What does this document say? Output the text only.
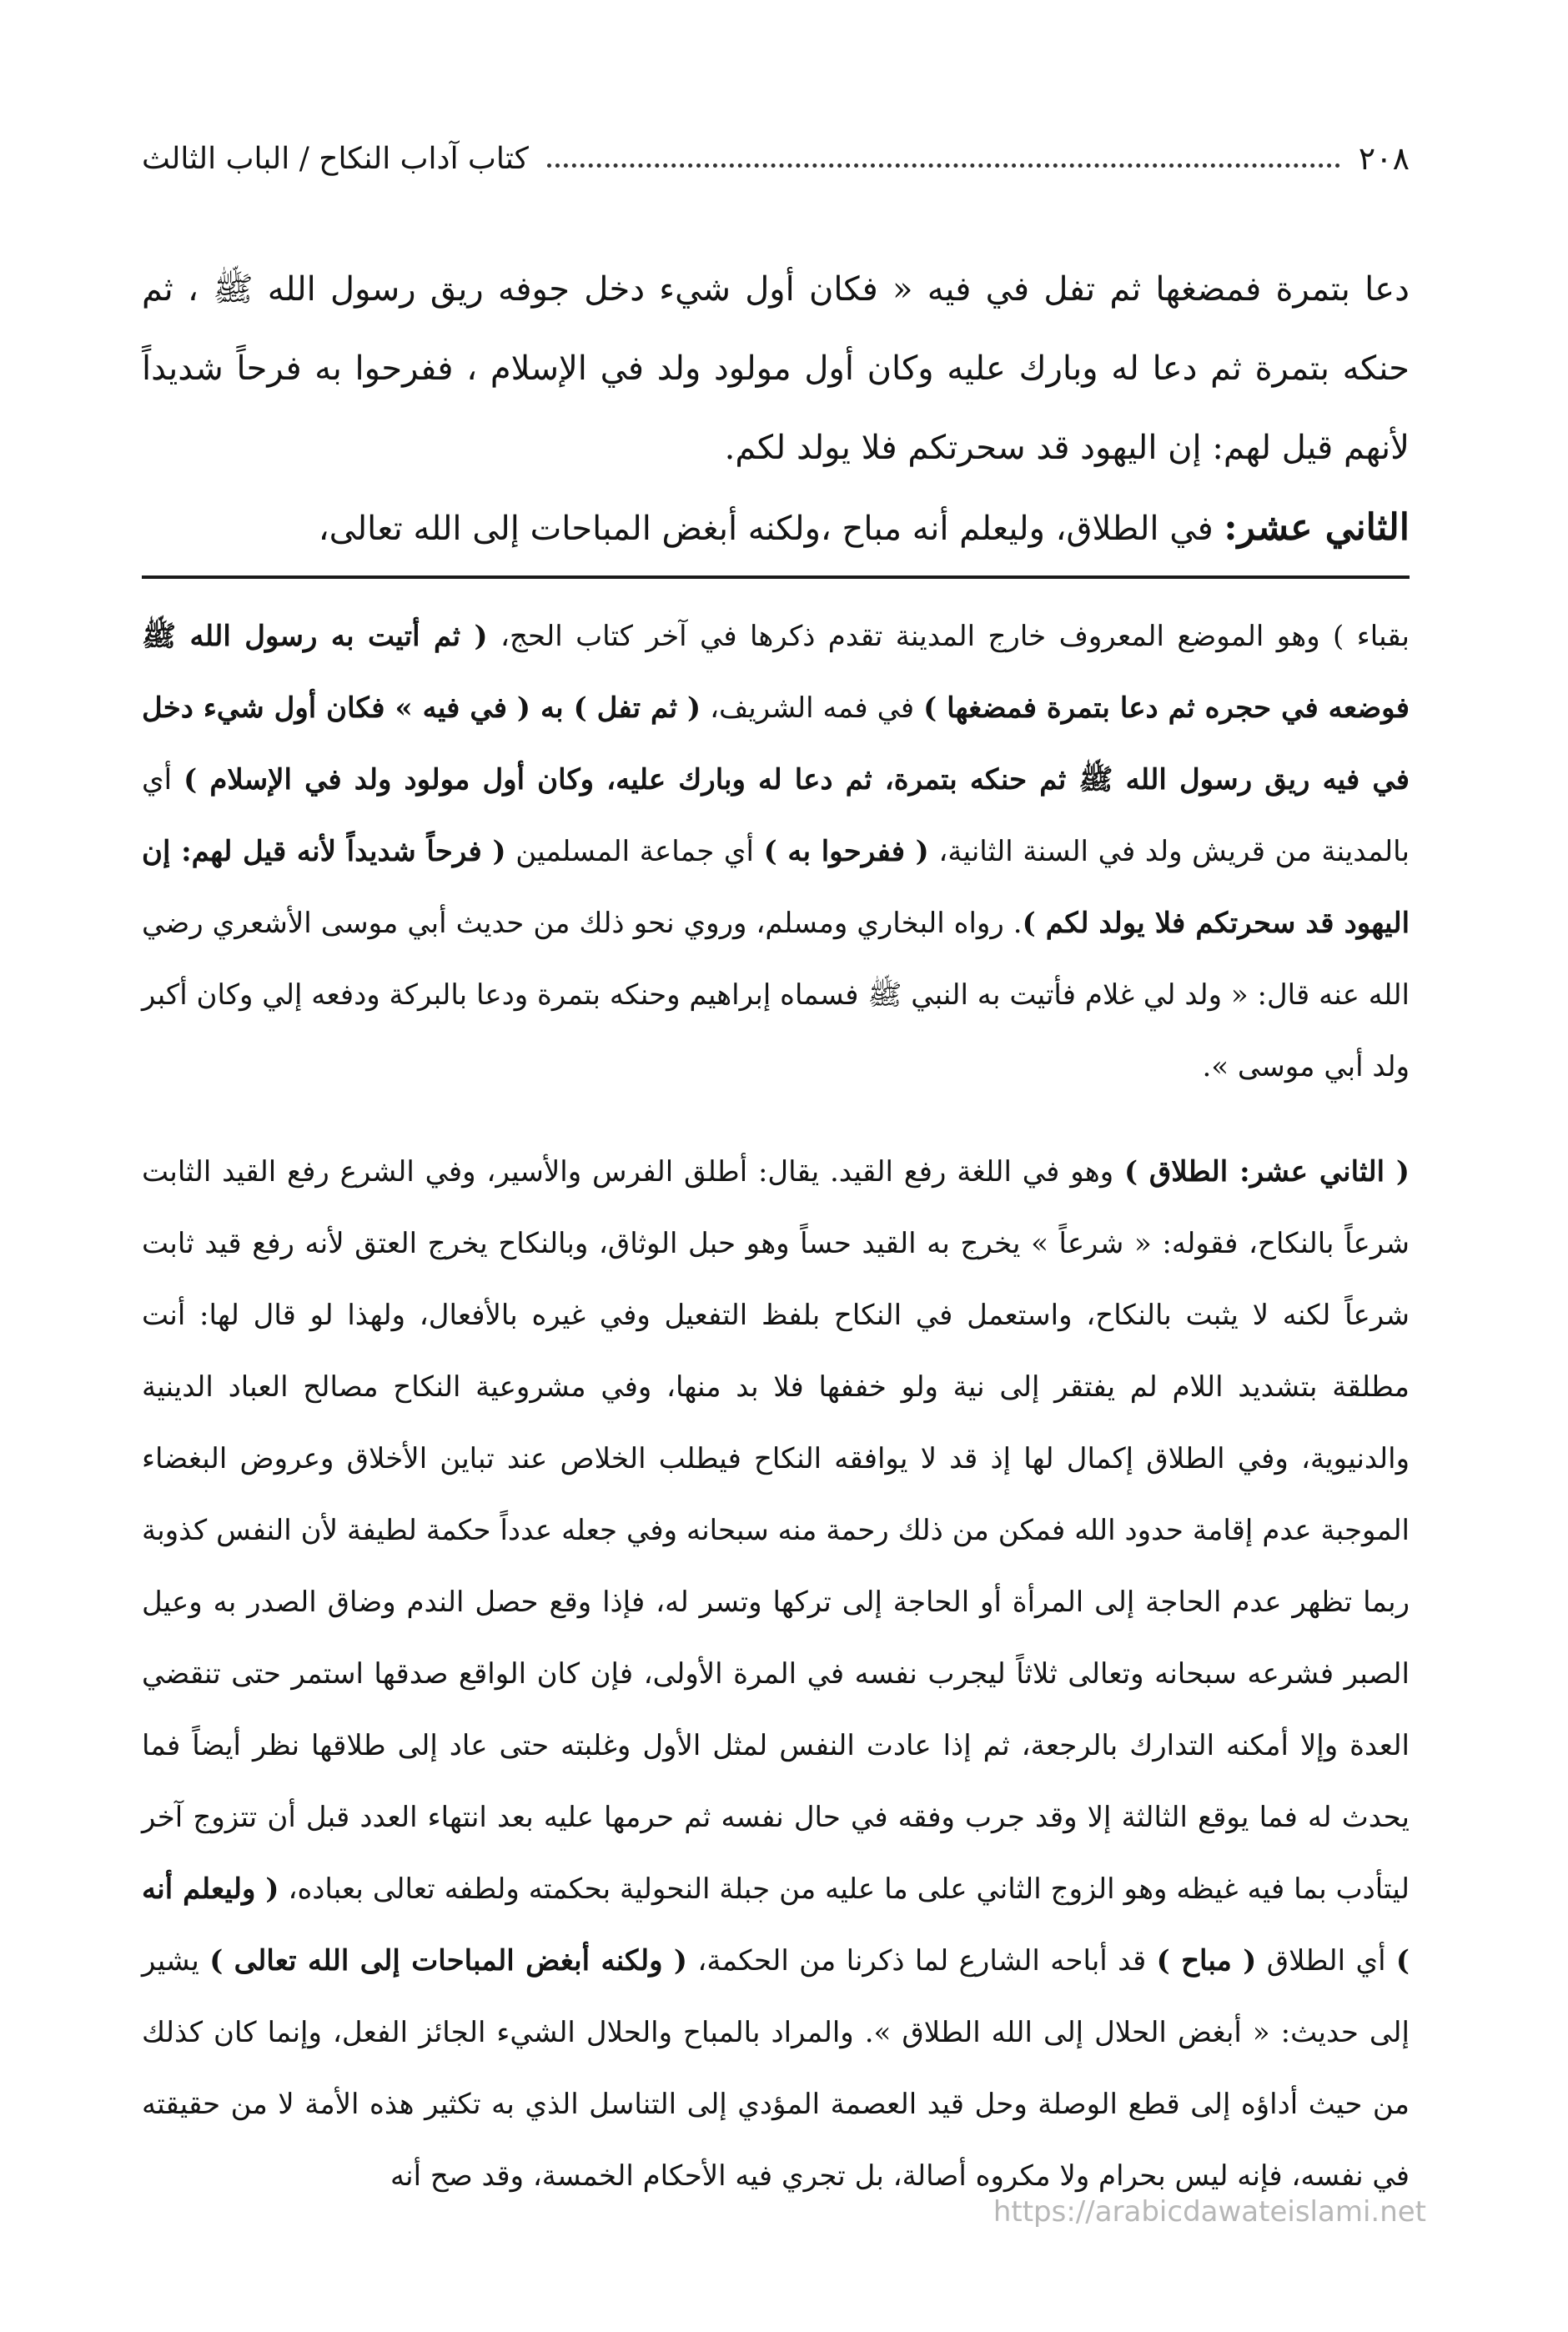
٢٠٨
كتاب آداب النكاح / الباب الثالث

دعا بتمرة فمضغها ثم تفل في فيه « فكان أول شيء دخل جوفه ريق رسول الله ﷺ ، ثم حنكه بتمرة ثم دعا له وبارك عليه وكان أول مولود ولد في الإسلام ، ففرحوا به فرحاً شديداً لأنهم قيل لهم: إن اليهود قد سحرتكم فلا يولد لكم.

الثاني عشر: في الطلاق، وليعلم أنه مباح ،ولكنه أبغض المباحات إلى الله تعالى،

بقباء ) وهو الموضع المعروف خارج المدينة تقدم ذكرها في آخر كتاب الحج، ( ثم أتيت به رسول الله ﷺ فوضعه في حجره ثم دعا بتمرة فمضغها ) في فمه الشريف، ( ثم تفل ) به ( في فيه » فكان أول شيء دخل في فيه ريق رسول الله ﷺ ثم حنكه بتمرة، ثم دعا له وبارك عليه، وكان أول مولود ولد في الإسلام ) أي بالمدينة من قريش ولد في السنة الثانية، ( ففرحوا به ) أي جماعة المسلمين ( فرحاً شديداً لأنه قيل لهم: إن اليهود قد سحرتكم فلا يولد لكم ). رواه البخاري ومسلم، وروي نحو ذلك من حديث أبي موسى الأشعري رضي الله عنه قال: « ولد لي غلام فأتيت به النبي ﷺ فسماه إبراهيم وحنكه بتمرة ودعا بالبركة ودفعه إلي وكان أكبر ولد أبي موسى ».

( الثاني عشر: الطلاق ) وهو في اللغة رفع القيد. يقال: أطلق الفرس والأسير، وفي الشرع رفع القيد الثابت شرعاً بالنكاح، فقوله: « شرعاً » يخرج به القيد حساً وهو حبل الوثاق، وبالنكاح يخرج العتق لأنه رفع قيد ثابت شرعاً لكنه لا يثبت بالنكاح، واستعمل في النكاح بلفظ التفعيل وفي غيره بالأفعال، ولهذا لو قال لها: أنت مطلقة بتشديد اللام لم يفتقر إلى نية ولو خففها فلا بد منها، وفي مشروعية النكاح مصالح العباد الدينية والدنيوية، وفي الطلاق إكمال لها إذ قد لا يوافقه النكاح فيطلب الخلاص عند تباين الأخلاق وعروض البغضاء الموجبة عدم إقامة حدود الله فمكن من ذلك رحمة منه سبحانه وفي جعله عدداً حكمة لطيفة لأن النفس كذوبة ربما تظهر عدم الحاجة إلى المرأة أو الحاجة إلى تركها وتسر له، فإذا وقع حصل الندم وضاق الصدر به وعيل الصبر فشرعه سبحانه وتعالى ثلاثاً ليجرب نفسه في المرة الأولى، فإن كان الواقع صدقها استمر حتى تنقضي العدة وإلا أمكنه التدارك بالرجعة، ثم إذا عادت النفس لمثل الأول وغلبته حتى عاد إلى طلاقها نظر أيضاً فما يحدث له فما يوقع الثالثة إلا وقد جرب وفقه في حال نفسه ثم حرمها عليه بعد انتهاء العدد قبل أن تتزوج آخر ليتأدب بما فيه غيظه وهو الزوج الثاني على ما عليه من جبلة النحولية بحكمته ولطفه تعالى بعباده، ( وليعلم أنه ) أي الطلاق ( مباح ) قد أباحه الشارع لما ذكرنا من الحكمة، ( ولكنه أبغض المباحات إلى الله تعالى ) يشير إلى حديث: « أبغض الحلال إلى الله الطلاق ». والمراد بالمباح والحلال الشيء الجائز الفعل، وإنما كان كذلك من حيث أداؤه إلى قطع الوصلة وحل قيد العصمة المؤدي إلى التناسل الذي به تكثير هذه الأمة لا من حقيقته في نفسه، فإنه ليس بحرام ولا مكروه أصالة، بل تجري فيه الأحكام الخمسة، وقد صح أنه

https://arabicdawateislami.net
